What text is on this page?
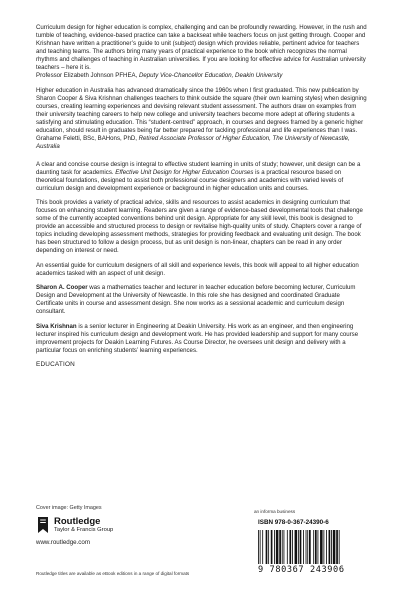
Curriculum design for higher education is complex, challenging and can be profoundly rewarding. However, in the rush and tumble of teaching, evidence-based practice can take a backseat while teachers focus on just getting through. Cooper and Krishnan have written a practitioner’s guide to unit (subject) design which provides reliable, pertinent advice for teachers and teaching teams. The authors bring many years of practical experience to the book which recognizes the normal rhythms and challenges of teaching in Australian universities. If you are looking for effective advice for Australian university teachers – here it is.
Professor Elizabeth Johnson PFHEA, Deputy Vice-Chancellor Education, Deakin University

Higher education in Australia has advanced dramatically since the 1960s when I first graduated. This new publication by Sharon Cooper & Siva Krishnan challenges teachers to think outside the square (their own learning styles) when designing courses, creating learning experiences and devising relevant student assessment. The authors draw on examples from their university teaching careers to help new college and university teachers become more adept at offering students a satisfying and stimulating education. This “student-centred” approach, in courses and degrees framed by a generic higher education, should result in graduates being far better prepared for tackling professional and life experiences than I was.
Grahame Feletti, BSc, BAHons, PhD, Retired Associate Professor of Higher Education, The University of Newcastle, Australia

A clear and concise course design is integral to effective student learning in units of study; however, unit design can be a daunting task for academics. Effective Unit Design for Higher Education Courses is a practical resource based on theoretical foundations, designed to assist both professional course designers and academics with varied levels of curriculum design and development experience or background in higher education units and courses.

This book provides a variety of practical advice, skills and resources to assist academics in designing curriculum that focuses on enhancing student learning. Readers are given a range of evidence-based developmental tools that challenge some of the currently accepted conventions behind unit design. Appropriate for any skill level, this book is designed to provide an accessible and structured process to design or revitalise high-quality units of study. Chapters cover a range of topics including developing assessment methods, strategies for providing feedback and evaluating unit design. The book has been structured to follow a design process, but as unit design is non-linear, chapters can be read in any order depending on interest or need.

An essential guide for curriculum designers of all skill and experience levels, this book will appeal to all higher education academics tasked with an aspect of unit design.

Sharon A. Cooper was a mathematics teacher and lecturer in teacher education before becoming lecturer, Curriculum Design and Development at the University of Newcastle. In this role she has designed and coordinated Graduate Certificate units in course and assessment design. She now works as a sessional academic and curriculum design consultant.

Siva Krishnan is a senior lecturer in Engineering at Deakin University. His work as an engineer, and then engineering lecturer inspired his curriculum design and development work. He has provided leadership and support for many course improvement projects for Deakin Learning Futures. As Course Director, he oversees unit design and delivery with a particular focus on enriching students’ learning experiences.

EDUCATION
Cover image: Getty Images
Routledge
Taylor & Francis Group
www.routledge.com
Routledge titles are available as eBook editions in a range of digital formats
an informa business
ISBN 978-0-367-24390-6
9 780367 243906
